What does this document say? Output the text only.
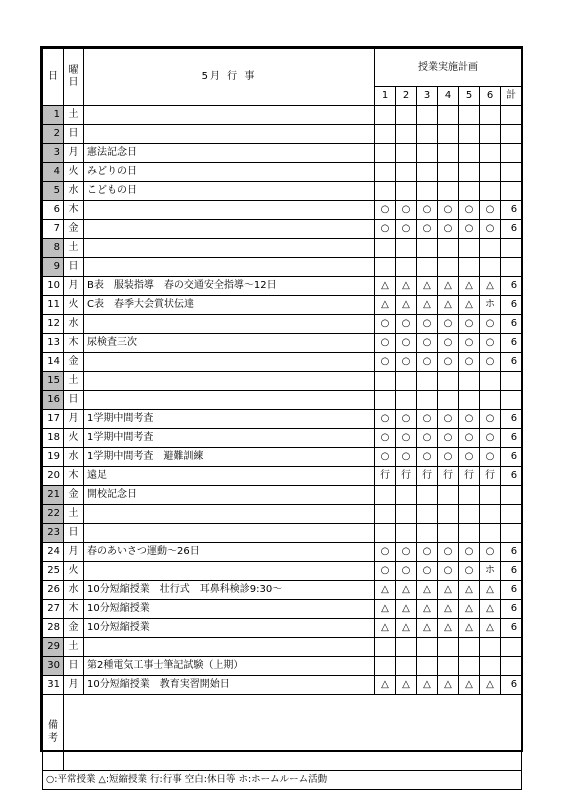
日	曜
日	5月 行 事	授業実施計画						
			1	2	3	4	5	6	計
1	土								
2	日								
3	月	憲法記念日							
4	火	みどりの日							
5	水	こどもの日							
6	木		○	○	○	○	○	○	6
7	金		○	○	○	○	○	○	6
8	土								
9	日								
10	月	B表　服装指導　春の交通安全指導～12日	△	△	△	△	△	△	6
11	火	C表　春季大会賞状伝達	△	△	△	△	△	ホ	6
12	水		○	○	○	○	○	○	6
13	木	尿検査三次	○	○	○	○	○	○	6
14	金		○	○	○	○	○	○	6
15	土								
16	日								
17	月	1学期中間考査	○	○	○	○	○	○	6
18	火	1学期中間考査	○	○	○	○	○	○	6
19	水	1学期中間考査　避難訓練	○	○	○	○	○	○	6
20	木	遠足	行	行	行	行	行	行	6
21	金	開校記念日							
22	土								
23	日								
24	月	春のあいさつ運動～26日	○	○	○	○	○	○	6
25	火		○	○	○	○	○	ホ	6
26	水	10分短縮授業　壮行式　耳鼻科検診9:30～	△	△	△	△	△	△	6
27	木	10分短縮授業	△	△	△	△	△	△	6
28	金	10分短縮授業	△	△	△	△	△	△	6
29	土								
30	日	第2種電気工事士筆記試験（上期）							
31	月	10分短縮授業　教育実習開始日	△	△	△	△	△	△	6

備
考									

○:平常授業 △:短縮授業 行:行事 空白:休日等 ホ:ホームルーム活動									
